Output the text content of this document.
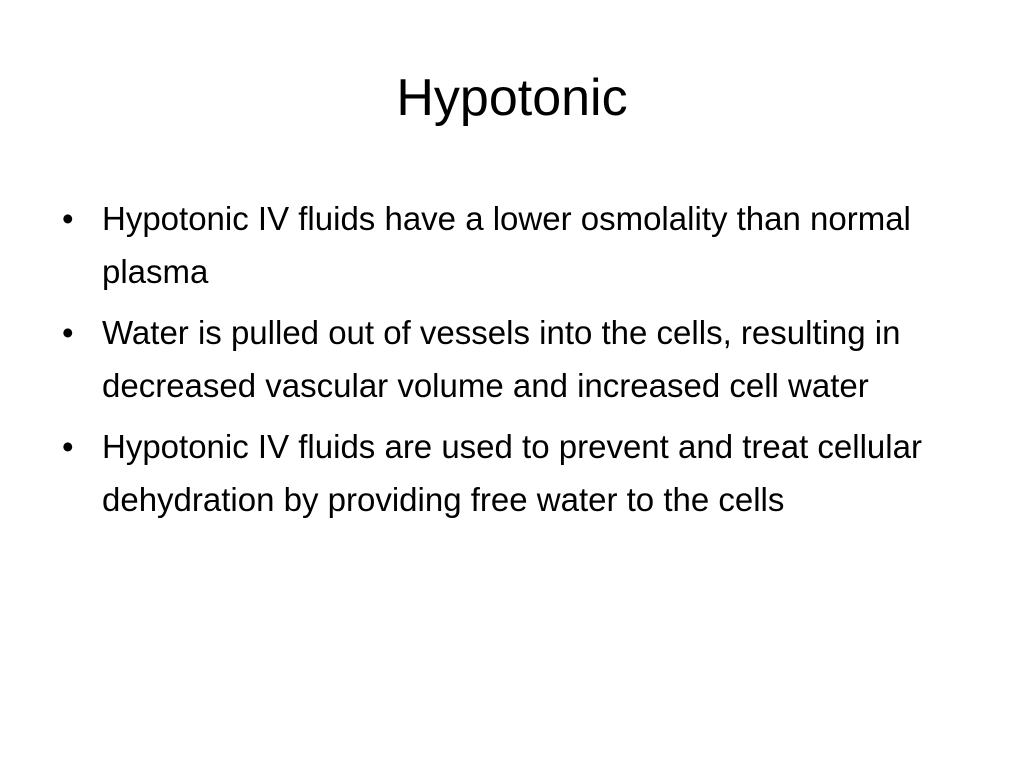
Hypotonic
• Hypotonic IV fluids have a lower osmolality than normal plasma
• Water is pulled out of vessels into the cells, resulting in decreased vascular volume and increased cell water
• Hypotonic IV fluids are used to prevent and treat cellular dehydration by providing free water to the cells
